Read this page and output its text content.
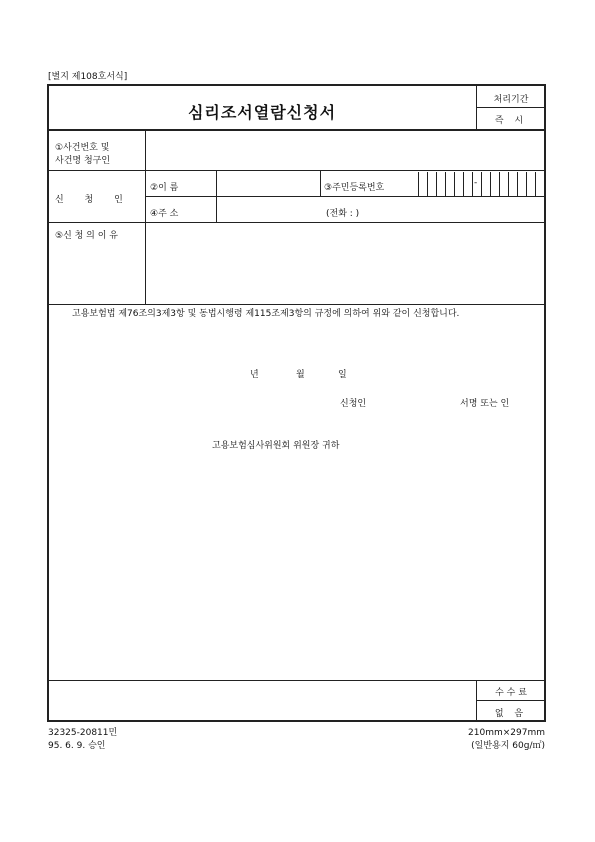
[별지 제108호서식]
심리조서열람신청서
처리기간
즉 시
①사건번호 및
사건명 청구인
신 청 인
②이 름	③주민등록번호	-
④주 소	(전화 : )
⑤신 청 의 이 유
고용보험법 제76조의3제3항 및 동법시행령 제115조제3항의 규정에 의하여 위와 같이 신청합니다.
년	월	일
신청인	서명 또는 인
고용보험심사위원회 위원장 귀하
수 수 료
없 음
32325-20811민
95. 6. 9. 승인
210mm×297mm
(일반용지 60g/㎡)
